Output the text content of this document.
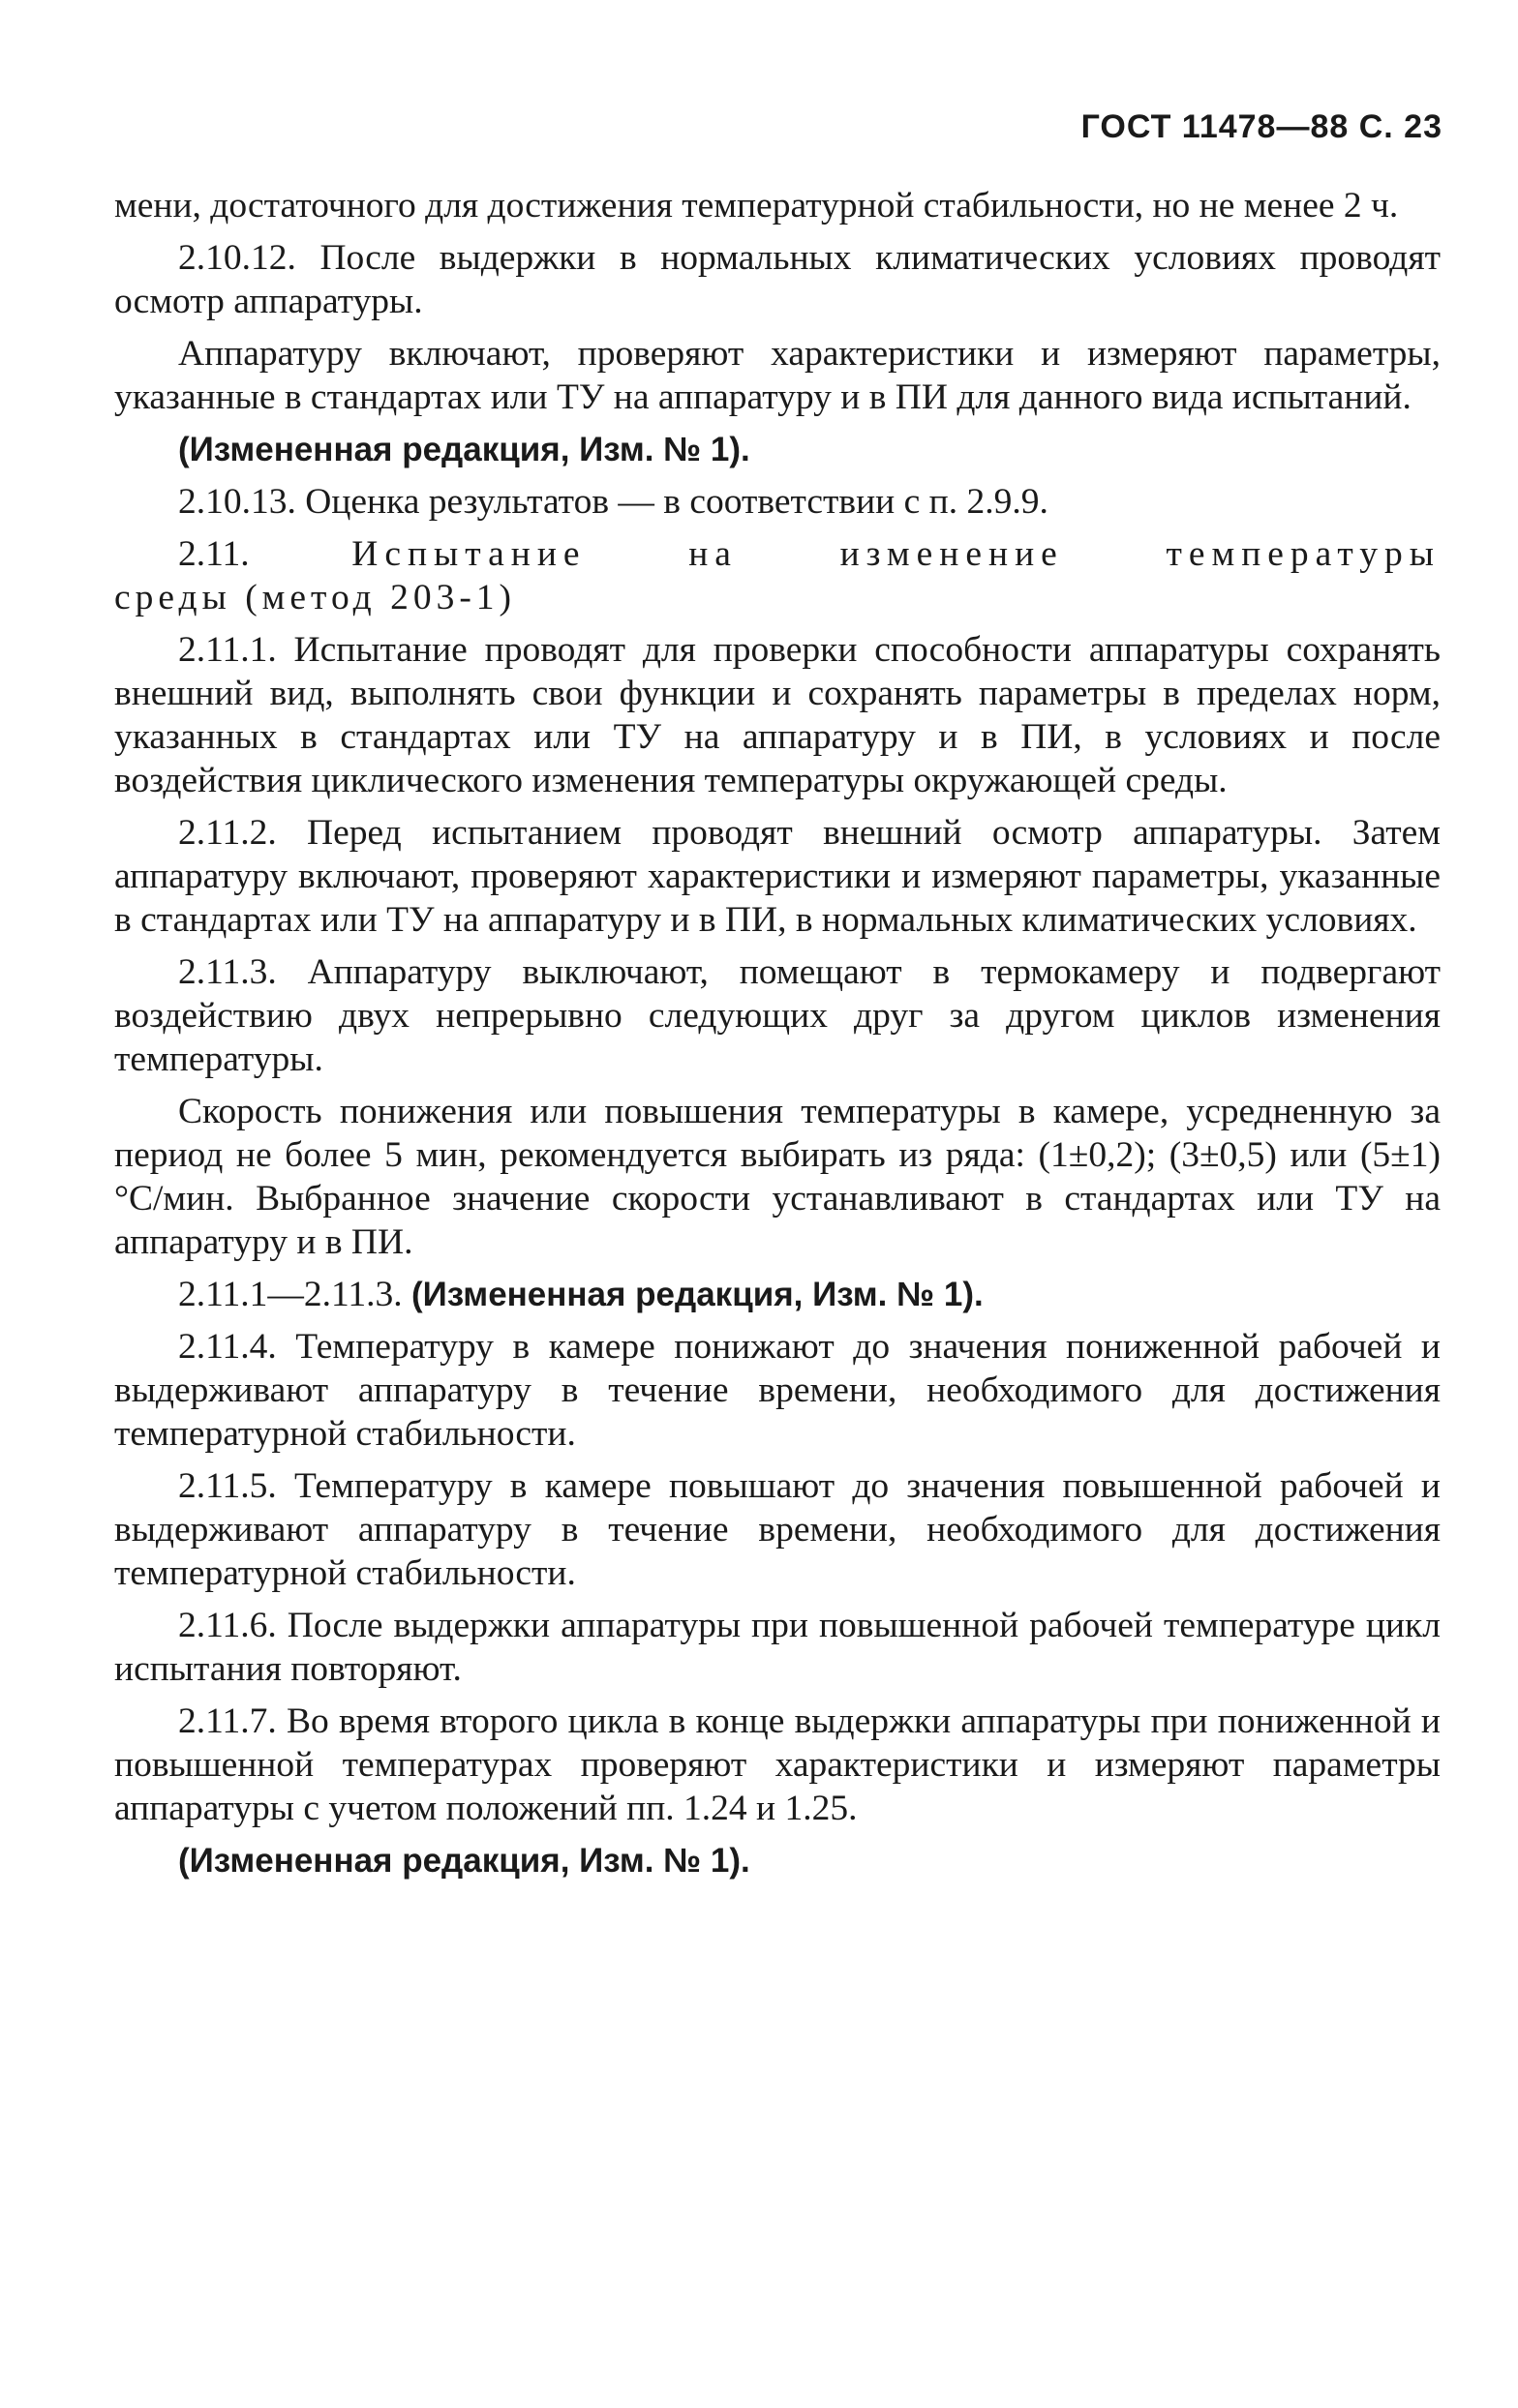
ГОСТ 11478—88 С. 23

мени, достаточного для достижения температурной стабильности, но не менее 2 ч.

2.10.12. После выдержки в нормальных климатических условиях проводят осмотр аппаратуры.

Аппаратуру включают, проверяют характеристики и измеряют параметры, указанные в стандартах или ТУ на аппаратуру и в ПИ для данного вида испытаний.

(Измененная редакция, Изм. № 1).

2.10.13. Оценка результатов — в соответствии с п. 2.9.9.

2.11.	Испытание	на	изменение	температуры

среды (метод 203-1)

2.11.1. Испытание проводят для проверки способности аппаратуры сохранять внешний вид, выполнять свои функции и сохранять параметры в пределах норм, указанных в стандартах или ТУ на аппаратуру и в ПИ, в условиях и после воздействия циклического изменения температуры окружающей среды.

2.11.2. Перед испытанием проводят внешний осмотр аппаратуры. Затем аппаратуру включают, проверяют характеристики и измеряют параметры, указанные в стандартах или ТУ на аппаратуру и в ПИ, в нормальных климатических условиях.

2.11.3. Аппаратуру выключают, помещают в термокамеру и подвергают воздействию двух непрерывно следующих друг за другом циклов изменения температуры.

Скорость понижения или повышения температуры в камере, усредненную за период не более 5 мин, рекомендуется выбирать из ряда: (1±0,2); (3±0,5) или (5±1) °С/мин. Выбранное значение скорости устанавливают в стандартах или ТУ на аппаратуру и в ПИ.

2.11.1—2.11.3. (Измененная редакция, Изм. № 1).

2.11.4. Температуру в камере понижают до значения пониженной рабочей и выдерживают аппаратуру в течение времени, необходимого для достижения температурной стабильности.

2.11.5. Температуру в камере повышают до значения повышенной рабочей и выдерживают аппаратуру в течение времени, необходимого для достижения температурной стабильности.

2.11.6. После выдержки аппаратуры при повышенной рабочей температуре цикл испытания повторяют.

2.11.7. Во время второго цикла в конце выдержки аппаратуры при пониженной и повышенной температурах проверяют характеристики и измеряют параметры аппаратуры с учетом положений пп. 1.24 и 1.25.

(Измененная редакция, Изм. № 1).
